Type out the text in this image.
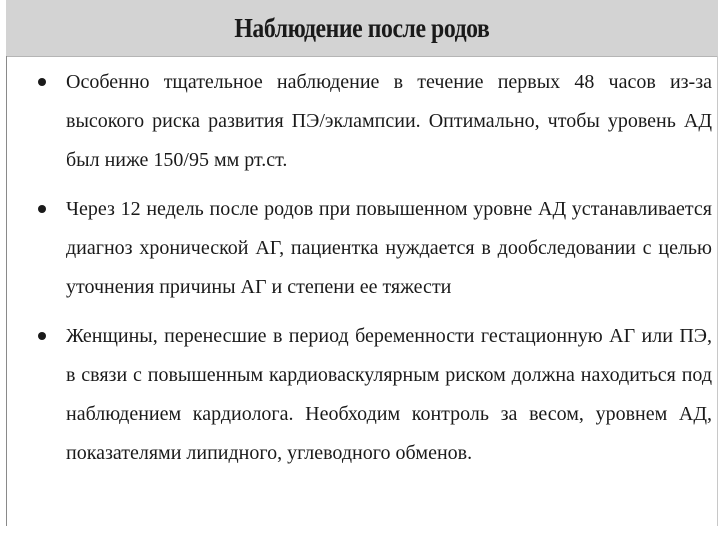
Наблюдение после родов
Особенно тщательное наблюдение в течение первых 48 часов из-за высокого риска развития ПЭ/эклампсии. Оптимально, чтобы уровень АД был ниже 150/95 мм рт.ст.
Через 12 недель после родов при повышенном уровне АД устанавливается диагноз хронической АГ, пациентка нуждается в дообследовании с целью уточнения причины АГ и степени ее тяжести
Женщины, перенесшие в период беременности гестационную АГ или ПЭ, в связи с повышенным кардиоваскулярным риском должна находиться под наблюдением кардиолога. Необходим контроль за весом, уровнем АД, показателями липидного, углеводного обменов.
